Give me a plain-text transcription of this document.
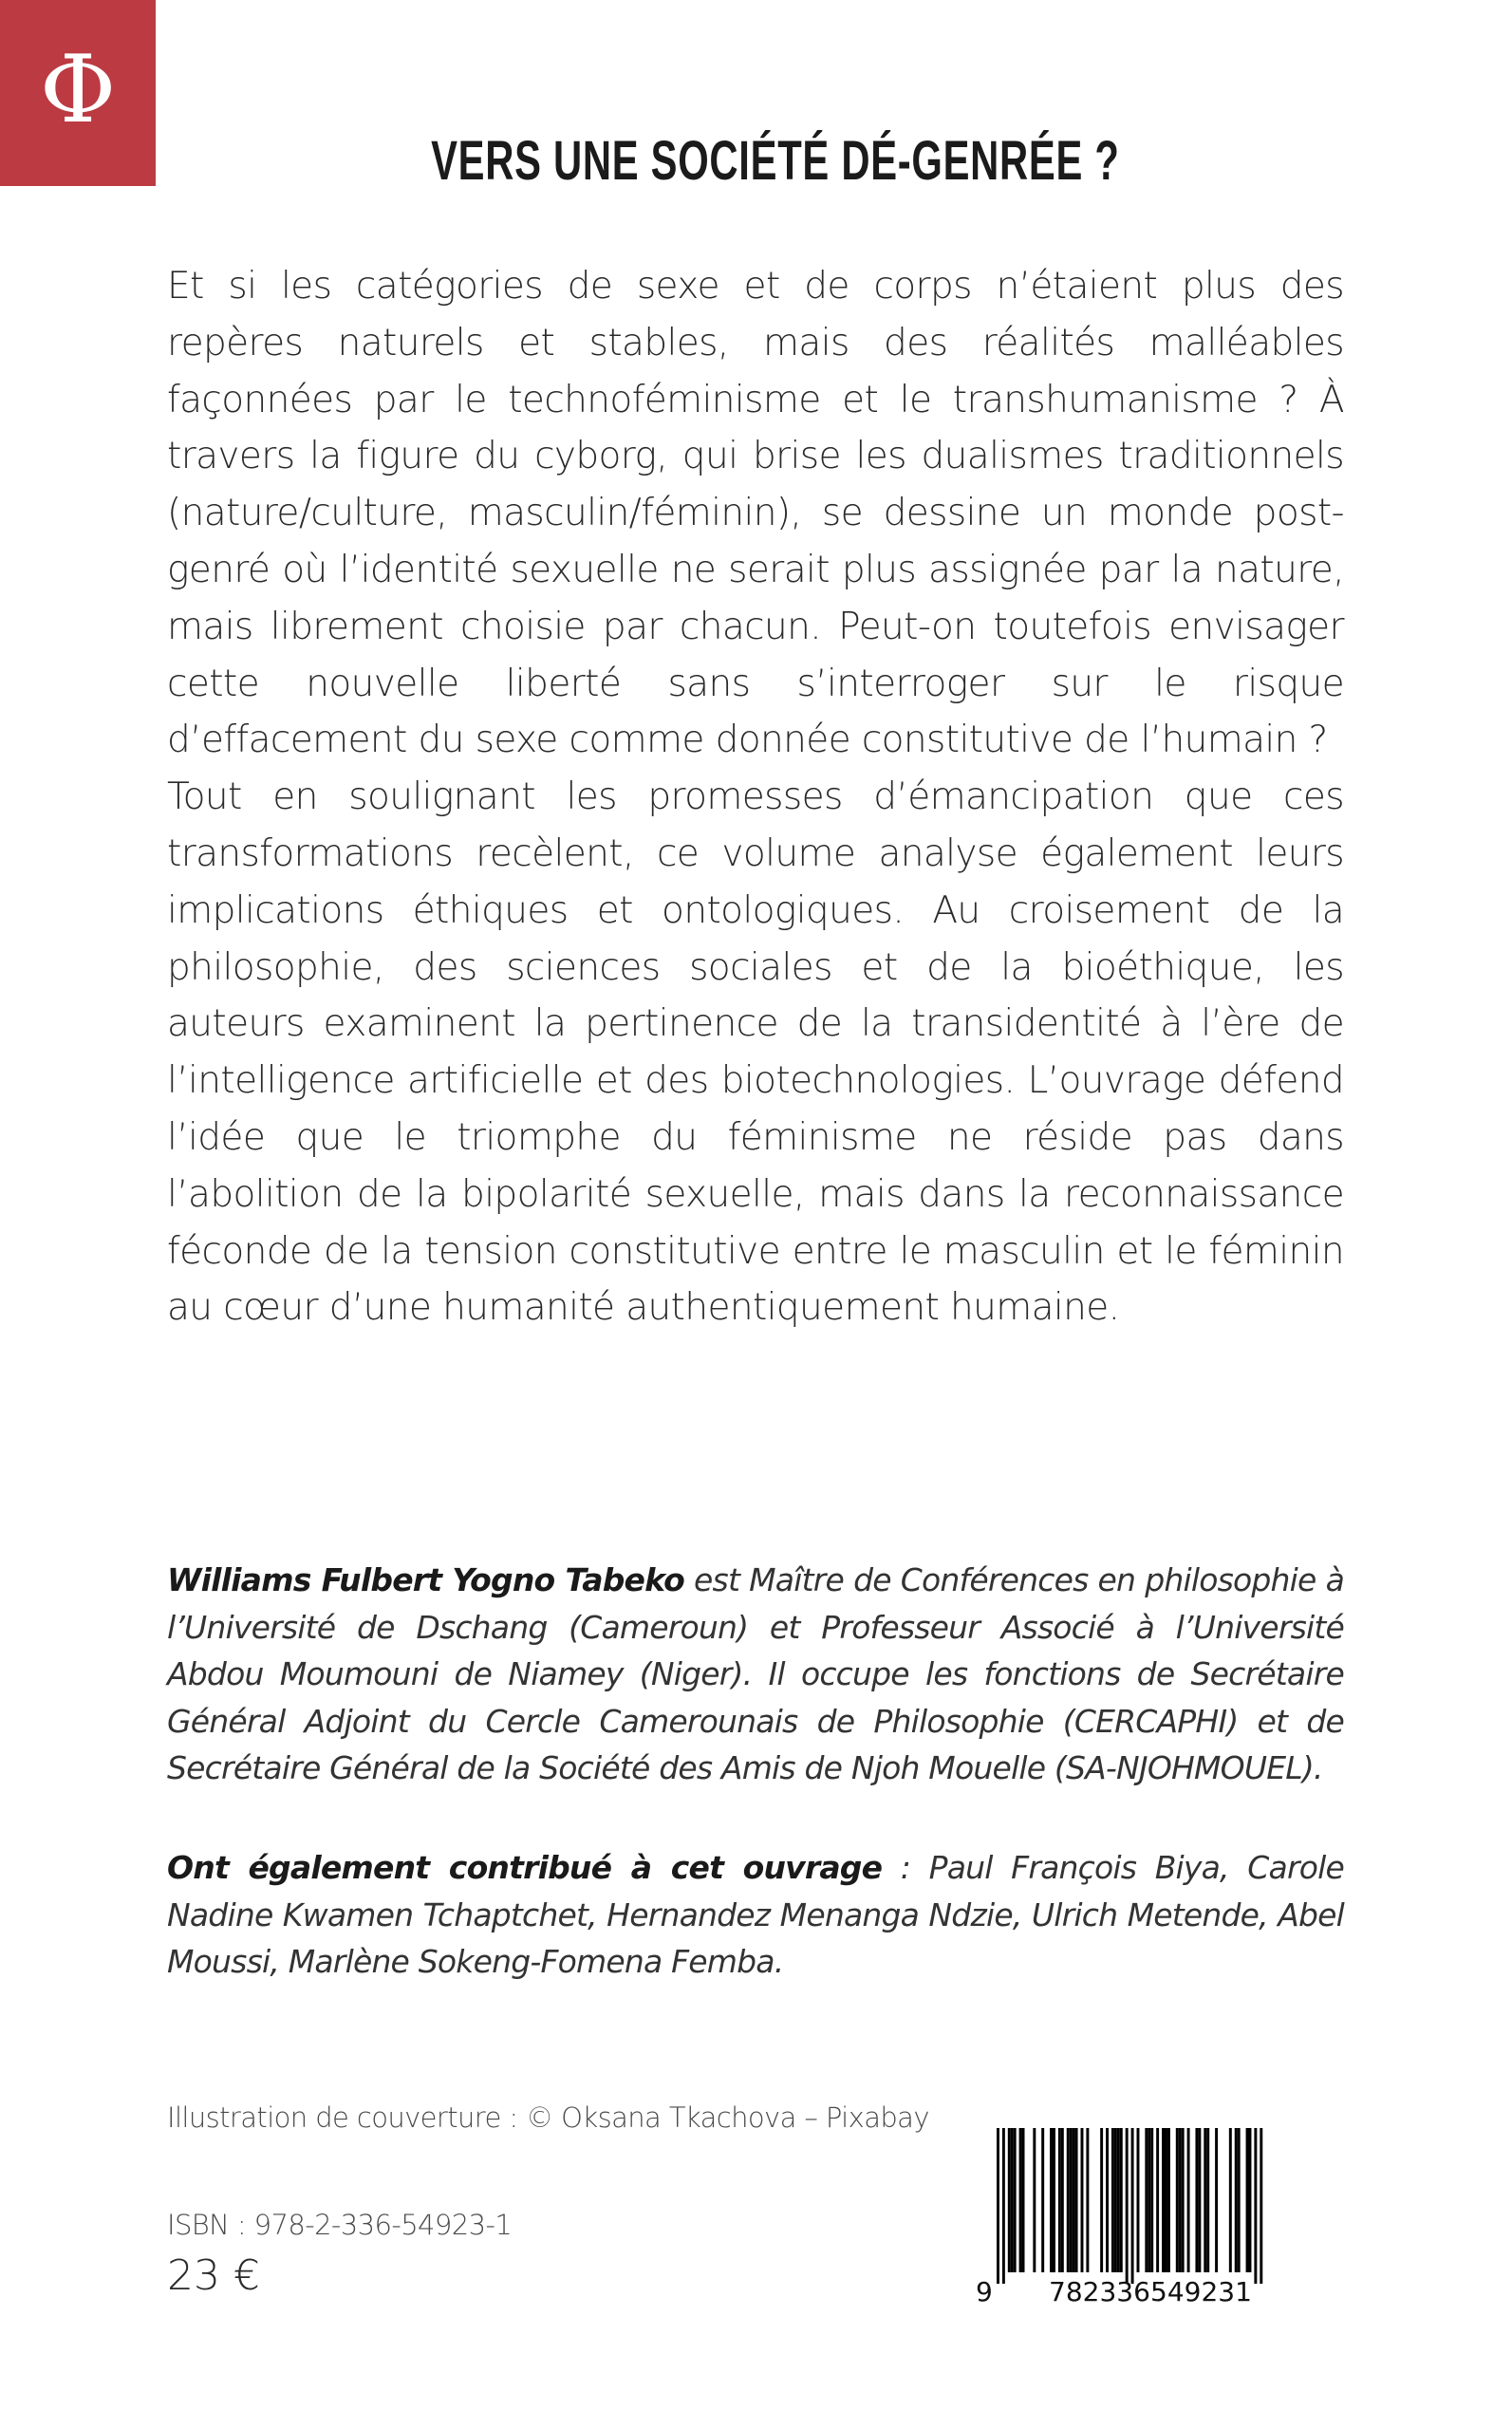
Φ
VERS UNE SOCIÉTÉ DÉ-GENRÉE ?

Et si les catégories de sexe et de corps n’étaient plus des repères naturels et stables, mais des réalités malléables façonnées par le technoféminisme et le transhumanisme ? À travers la figure du cyborg, qui brise les dualismes traditionnels (nature/culture, masculin/féminin), se dessine un monde post-genré où l’identité sexuelle ne serait plus assignée par la nature, mais librement choisie par chacun. Peut-on toutefois envisager cette nouvelle liberté sans s’interroger sur le risque d’effacement du sexe comme donnée constitutive de l’humain ?

Tout en soulignant les promesses d’émancipation que ces transformations recèlent, ce volume analyse également leurs implications éthiques et ontologiques. Au croisement de la philosophie, des sciences sociales et de la bioéthique, les auteurs examinent la pertinence de la transidentité à l’ère de l’intelligence artificielle et des biotechnologies. L’ouvrage défend l’idée que le triomphe du féminisme ne réside pas dans l’abolition de la bipolarité sexuelle, mais dans la reconnaissance féconde de la tension constitutive entre le masculin et le féminin au cœur d’une humanité authentiquement humaine.

Williams Fulbert Yogno Tabeko est Maître de Conférences en philosophie à l’Université de Dschang (Cameroun) et Professeur Associé à l’Université Abdou Moumouni de Niamey (Niger). Il occupe les fonctions de Secrétaire Général Adjoint du Cercle Camerounais de Philosophie (CERCAPHI) et de Secrétaire Général de la Société des Amis de Njoh Mouelle (SA-NJOHMOUEL).

Ont également contribué à cet ouvrage : Paul François Biya, Carole Nadine Kwamen Tchaptchet, Hernandez Menanga Ndzie, Ulrich Metende, Abel Moussi, Marlène Sokeng-Fomena Femba.

Illustration de couverture : © Oksana Tkachova – Pixabay
ISBN : 978-2-336-54923-1
23 €	9 782336 549231
